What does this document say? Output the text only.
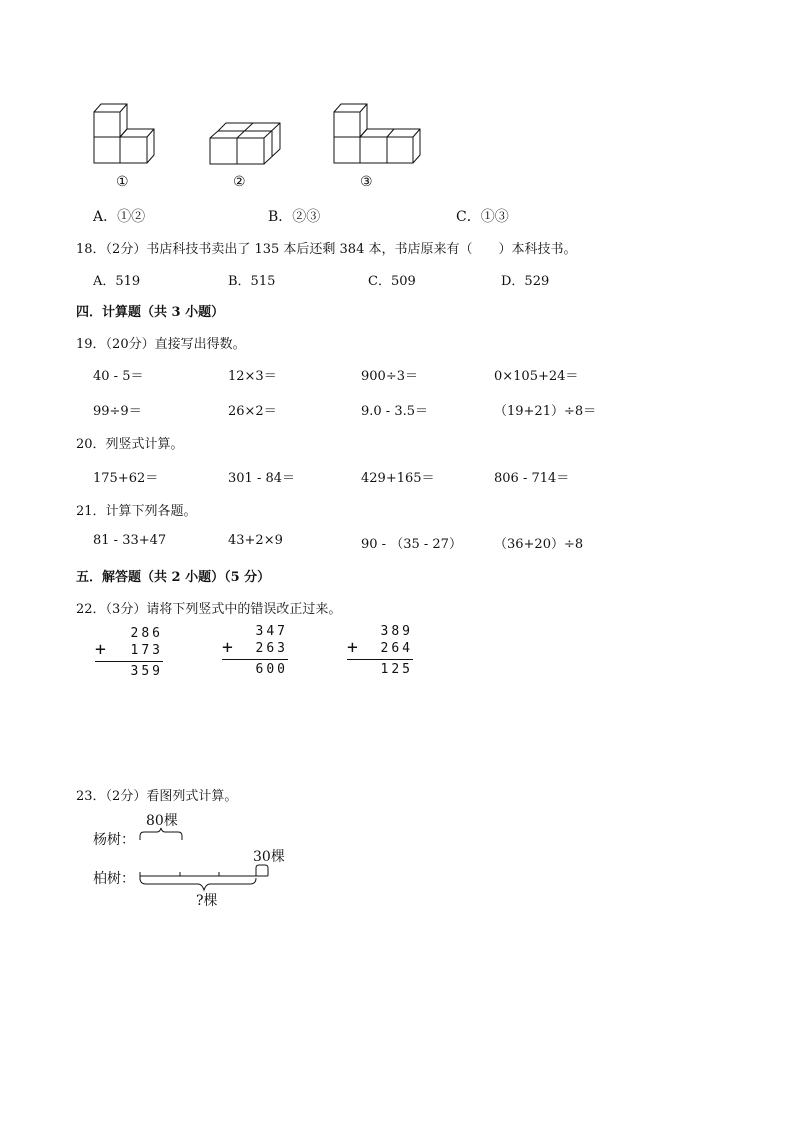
①	②	③
A．①②	B．②③	C．①③
18．（2分）书店科技书卖出了 135 本后还剩 384 本，书店原来有（　　）本科技书。
A．519	B．515	C．509	D．529
四．计算题（共 3 小题）
19．（20分）直接写出得数。
40 - 5＝	12×3＝	900÷3＝	0×105+24＝
99÷9＝	26×2＝	9.0 - 3.5＝	（19+21）÷8＝
20．列竖式计算。
175+62＝	301 - 84＝	429+165＝	806 - 714＝
21．计算下列各题。
81 - 33+47	43+2×9	90 - （35 - 27） （36+20）÷8
五．解答题（共 2 小题）（5 分）
22．（3分）请将下列竖式中的错误改正过来。
286
+ 173
359
347
+ 263
600
389
+ 264
125
23．（2分）看图列式计算。
80棵
杨树：
30棵
柏树：
?棵
